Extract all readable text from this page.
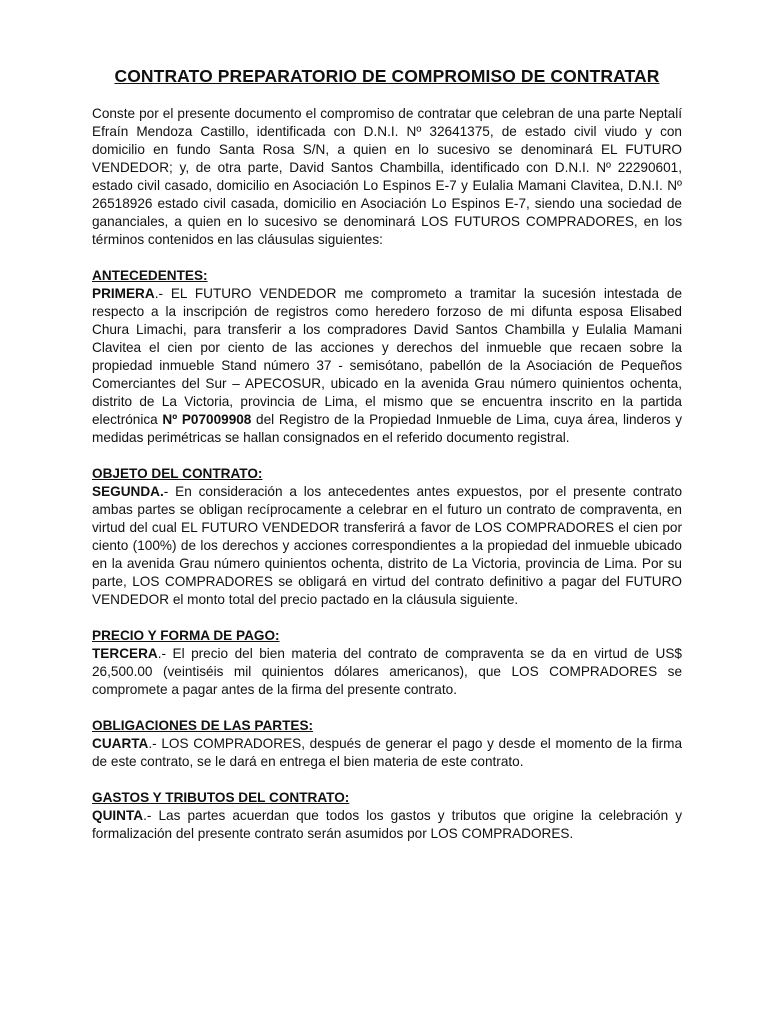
CONTRATO PREPARATORIO DE COMPROMISO DE CONTRATAR

Conste por el presente documento el compromiso de contratar que celebran de una parte Neptalí Efraín Mendoza Castillo, identificada con D.N.I. Nº 32641375, de estado civil viudo y con domicilio en fundo Santa Rosa S/N, a quien en lo sucesivo se denominará EL FUTURO VENDEDOR; y, de otra parte, David Santos Chambilla, identificado con D.N.I. Nº 22290601, estado civil casado, domicilio en Asociación Lo Espinos E-7 y Eulalia Mamani Clavitea, D.N.I. Nº 26518926 estado civil casada, domicilio en Asociación Lo Espinos E-7, siendo una sociedad de gananciales, a quien en lo sucesivo se denominará LOS FUTUROS COMPRADORES, en los términos contenidos en las cláusulas siguientes:

ANTECEDENTES:

PRIMERA.- EL FUTURO VENDEDOR me comprometo a tramitar la sucesión intestada de respecto a la inscripción de registros como heredero forzoso de mi difunta esposa Elisabed Chura Limachi, para transferir a los compradores David Santos Chambilla y Eulalia Mamani Clavitea el cien por ciento de las acciones y derechos del inmueble que recaen sobre la propiedad inmueble Stand número 37 - semisótano, pabellón de la Asociación de Pequeños Comerciantes del Sur – APECOSUR, ubicado en la avenida Grau número quinientos ochenta, distrito de La Victoria, provincia de Lima, el mismo que se encuentra inscrito en la partida electrónica Nº P07009908 del Registro de la Propiedad Inmueble de Lima, cuya área, linderos y medidas perimétricas se hallan consignados en el referido documento registral.

OBJETO DEL CONTRATO:

SEGUNDA.- En consideración a los antecedentes antes expuestos, por el presente contrato ambas partes se obligan recíprocamente a celebrar en el futuro un contrato de compraventa, en virtud del cual EL FUTURO VENDEDOR transferirá a favor de LOS COMPRADORES el cien por ciento (100%) de los derechos y acciones correspondientes a la propiedad del inmueble ubicado en la avenida Grau número quinientos ochenta, distrito de La Victoria, provincia de Lima. Por su parte, LOS COMPRADORES se obligará en virtud del contrato definitivo a pagar del FUTURO VENDEDOR el monto total del precio pactado en la cláusula siguiente.

PRECIO Y FORMA DE PAGO:

TERCERA.- El precio del bien materia del contrato de compraventa se da en virtud de US$ 26,500.00 (veintiséis mil quinientos dólares americanos), que LOS COMPRADORES se compromete a pagar antes de la firma del presente contrato.

OBLIGACIONES DE LAS PARTES:

CUARTA.- LOS COMPRADORES, después de generar el pago y desde el momento de la firma de este contrato, se le dará en entrega el bien materia de este contrato.

GASTOS Y TRIBUTOS DEL CONTRATO:

QUINTA.- Las partes acuerdan que todos los gastos y tributos que origine la celebración y formalización del presente contrato serán asumidos por LOS COMPRADORES.
